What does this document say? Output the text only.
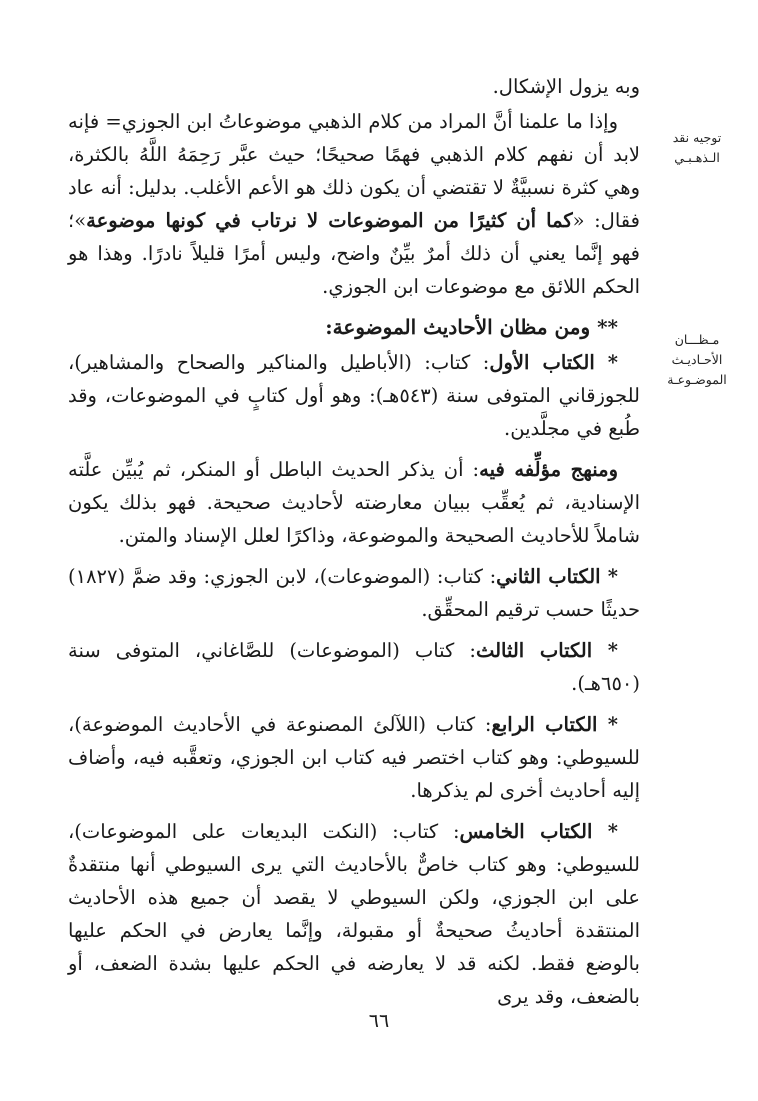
توجيه نقد
الـذهـبـي
مـظـــان
الأحـاديـث
الموضـوعـة

وبه يزول الإشكال.

وإذا ما علمنا أنَّ المراد من كلام الذهبي موضوعاتُ ابن الجوزي= فإنه لابد أن نفهم كلام الذهبي فهمًا صحيحًا؛ حيث عبَّر رَحِمَهُ اللَّهُ بالكثرة، وهي كثرة نسبيَّةٌ لا تقتضي أن يكون ذلك هو الأعم الأغلب. بدليل: أنه عاد فقال: «كما أن كثيرًا من الموضوعات لا نرتاب في كونها موضوعة»؛ فهو إنَّما يعني أن ذلك أمرٌ بيِّنٌ واضح، وليس أمرًا قليلاً نادرًا. وهذا هو الحكم اللائق مع موضوعات ابن الجوزي.

** ومن مظان الأحاديث الموضوعة:

* الكتاب الأول: كتاب: (الأباطيل والمناكير والصحاح والمشاهير)، للجوزقاني المتوفى سنة (٥٤٣هـ): وهو أول كتابٍ في الموضوعات، وقد طُبع في مجلَّدين.

ومنهج مؤلِّفه فيه: أن يذكر الحديث الباطل أو المنكر، ثم يُبيِّن علَّته الإسنادية، ثم يُعقِّب ببيان معارضته لأحاديث صحيحة. فهو بذلك يكون شاملاً للأحاديث الصحيحة والموضوعة، وذاكرًا لعلل الإسناد والمتن.

* الكتاب الثاني: كتاب: (الموضوعات)، لابن الجوزي: وقد ضمَّ (١٨٢٧) حديثًا حسب ترقيم المحقِّق.

* الكتاب الثالث: كتاب (الموضوعات) للصَّاغاني، المتوفى سنة (٦٥٠هـ).

* الكتاب الرابع: كتاب (اللآلئ المصنوعة في الأحاديث الموضوعة)، للسيوطي: وهو كتاب اختصر فيه كتاب ابن الجوزي، وتعقَّبه فيه، وأضاف إليه أحاديث أخرى لم يذكرها.

* الكتاب الخامس: كتاب: (النكت البديعات على الموضوعات)، للسيوطي: وهو كتاب خاصٌّ بالأحاديث التي يرى السيوطي أنها منتقدةٌ على ابن الجوزي، ولكن السيوطي لا يقصد أن جميع هذه الأحاديث المنتقدة أحاديثُ صحيحةٌ أو مقبولة، وإنَّما يعارض في الحكم عليها بالوضع فقط. لكنه قد لا يعارضه في الحكم عليها بشدة الضعف، أو بالضعف، وقد يرى

٦٦
